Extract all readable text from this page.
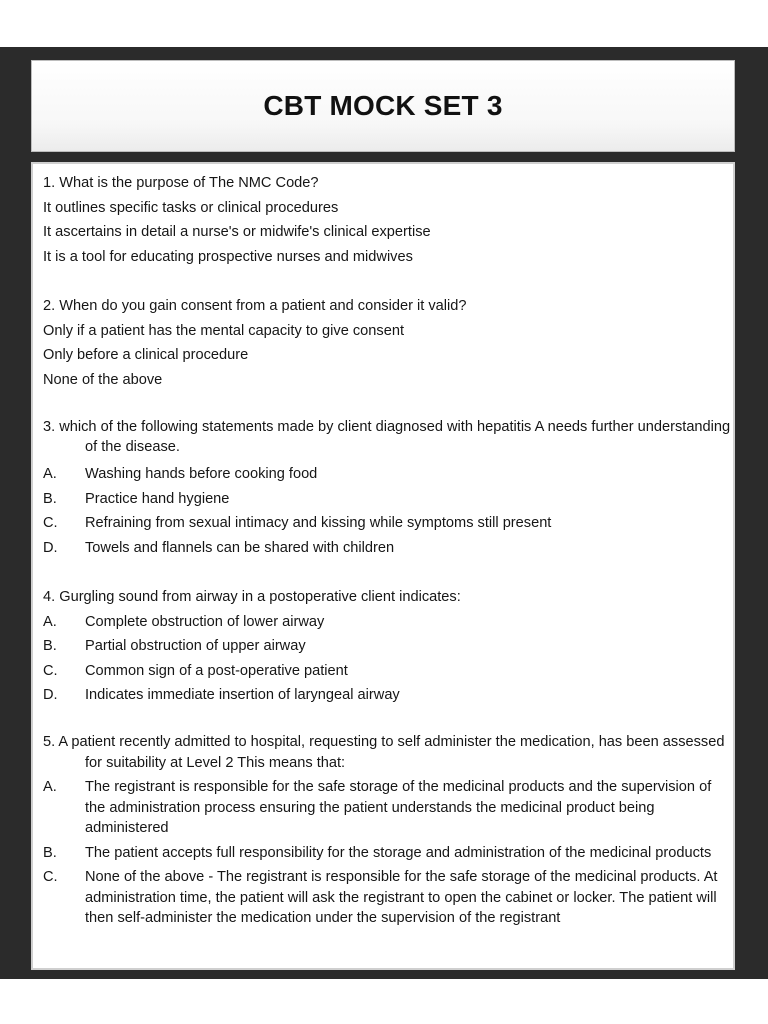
CBT MOCK SET 3

1. What is the purpose of The NMC Code?

It outlines specific tasks or clinical procedures

It ascertains in detail a nurse's or midwife's clinical expertise

It is a tool for educating prospective nurses and midwives

2. When do you gain consent from a patient and consider it valid?

Only if a patient has the mental capacity to give consent

Only before a clinical procedure

None of the above

3. which of the following statements made by client diagnosed with hepatitis A needs further understanding of the disease.

A.	Washing hands before cooking food
B.	Practice hand hygiene
C.	Refraining from sexual intimacy and kissing while symptoms still present
D.	Towels and flannels can be shared with children

4. Gurgling sound from airway in a postoperative client indicates:

A.	Complete obstruction of lower airway
B.	Partial obstruction of upper airway
C.	Common sign of a post-operative patient
D.	Indicates immediate insertion of laryngeal airway

5. A patient recently admitted to hospital, requesting to self administer the medication, has been assessed for suitability at Level 2 This means that:

A.	The registrant is responsible for the safe storage of the medicinal products and the supervision of the administration process ensuring the patient understands the medicinal product being administered
B.	The patient accepts full responsibility for the storage and administration of the medicinal products
C.	None of the above - The registrant is responsible for the safe storage of the medicinal products. At administration time, the patient will ask the registrant to open the cabinet or locker. The patient will then self-administer the medication under the supervision of the registrant
